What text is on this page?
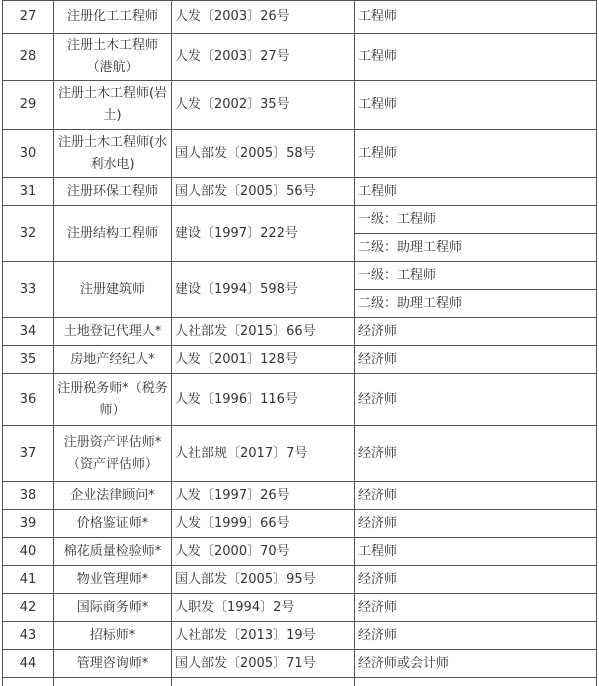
27	注册化工工程师	人发〔2003〕26号	工程师
28	注册土木工程师（港航）	人发〔2003〕27号	工程师
29	注册土木工程师(岩土)	人发〔2002〕35号	工程师
30	注册土木工程师(水利水电)	国人部发〔2005〕58号	工程师
31	注册环保工程师	国人部发〔2005〕56号	工程师
32	注册结构工程师	建设〔1997〕222号	一级：工程师
			二级：助理工程师
33	注册建筑师	建设〔1994〕598号	一级：工程师
			二级：助理工程师
34	土地登记代理人*	人社部发〔2015〕66号	经济师
35	房地产经纪人*	人发〔2001〕128号	经济师
36	注册税务师*（税务师）	人发〔1996〕116号	经济师
37	注册资产评估师*（资产评估师）	人社部规〔2017〕7号	经济师
38	企业法律顾问*	人发〔1997〕26号	经济师
39	价格鉴证师*	人发〔1999〕66号	经济师
40	棉花质量检验师*	人发〔2000〕70号	工程师
41	物业管理师*	国人部发〔2005〕95号	经济师
42	国际商务师*	人职发〔1994〕2号	经济师
43	招标师*	人社部发〔2013〕19号	经济师
44	管理咨询师*	国人部发〔2005〕71号	经济师或会计师
